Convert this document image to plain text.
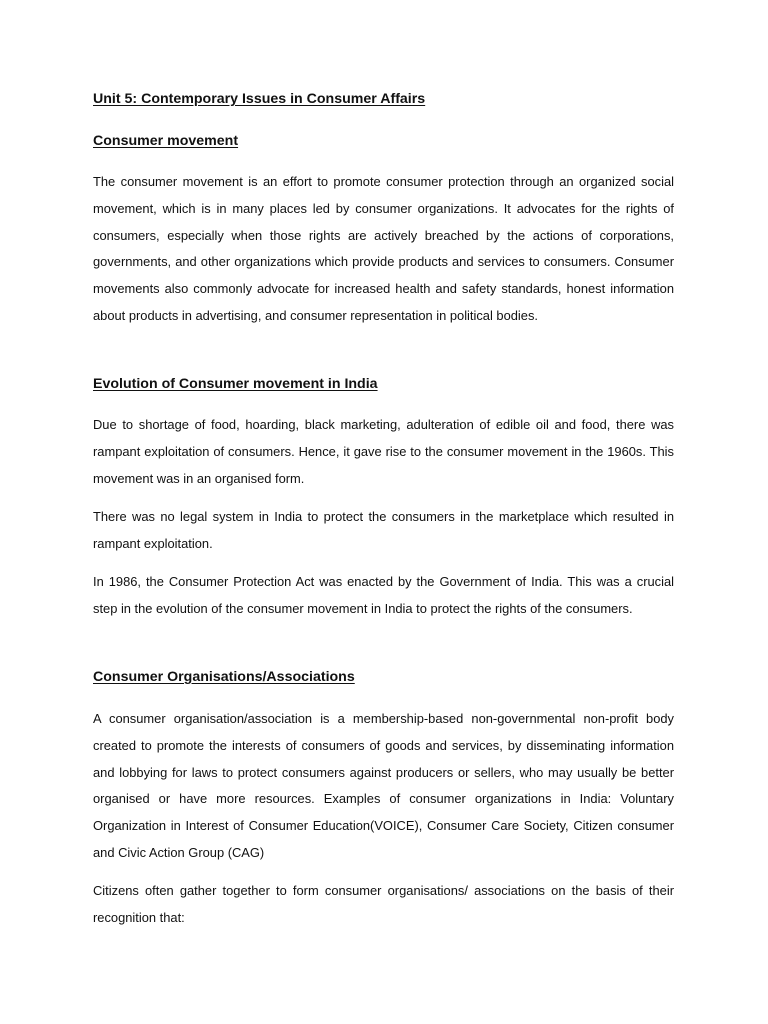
Unit 5: Contemporary Issues in Consumer Affairs
Consumer movement

The consumer movement is an effort to promote consumer protection through an organized social movement, which is in many places led by consumer organizations. It advocates for the rights of consumers, especially when those rights are actively breached by the actions of corporations, governments, and other organizations which provide products and services to consumers. Consumer movements also commonly advocate for increased health and safety standards, honest information about products in advertising, and consumer representation in political bodies.

Evolution of Consumer movement in India

Due to shortage of food, hoarding, black marketing, adulteration of edible oil and food, there was rampant exploitation of consumers. Hence, it gave rise to the consumer movement in the 1960s. This movement was in an organised form.

There was no legal system in India to protect the consumers in the marketplace which resulted in rampant exploitation.

In 1986, the Consumer Protection Act was enacted by the Government of India. This was a crucial step in the evolution of the consumer movement in India to protect the rights of the consumers.

Consumer Organisations/Associations

A consumer organisation/association is a membership-based non-governmental non-profit body created to promote the interests of consumers of goods and services, by disseminating information and lobbying for laws to protect consumers against producers or sellers, who may usually be better organised or have more resources. Examples of consumer organizations in India: Voluntary Organization in Interest of Consumer Education(VOICE), Consumer Care Society, Citizen consumer and Civic Action Group (CAG)

Citizens often gather together to form consumer organisations/ associations on the basis of their recognition that:
